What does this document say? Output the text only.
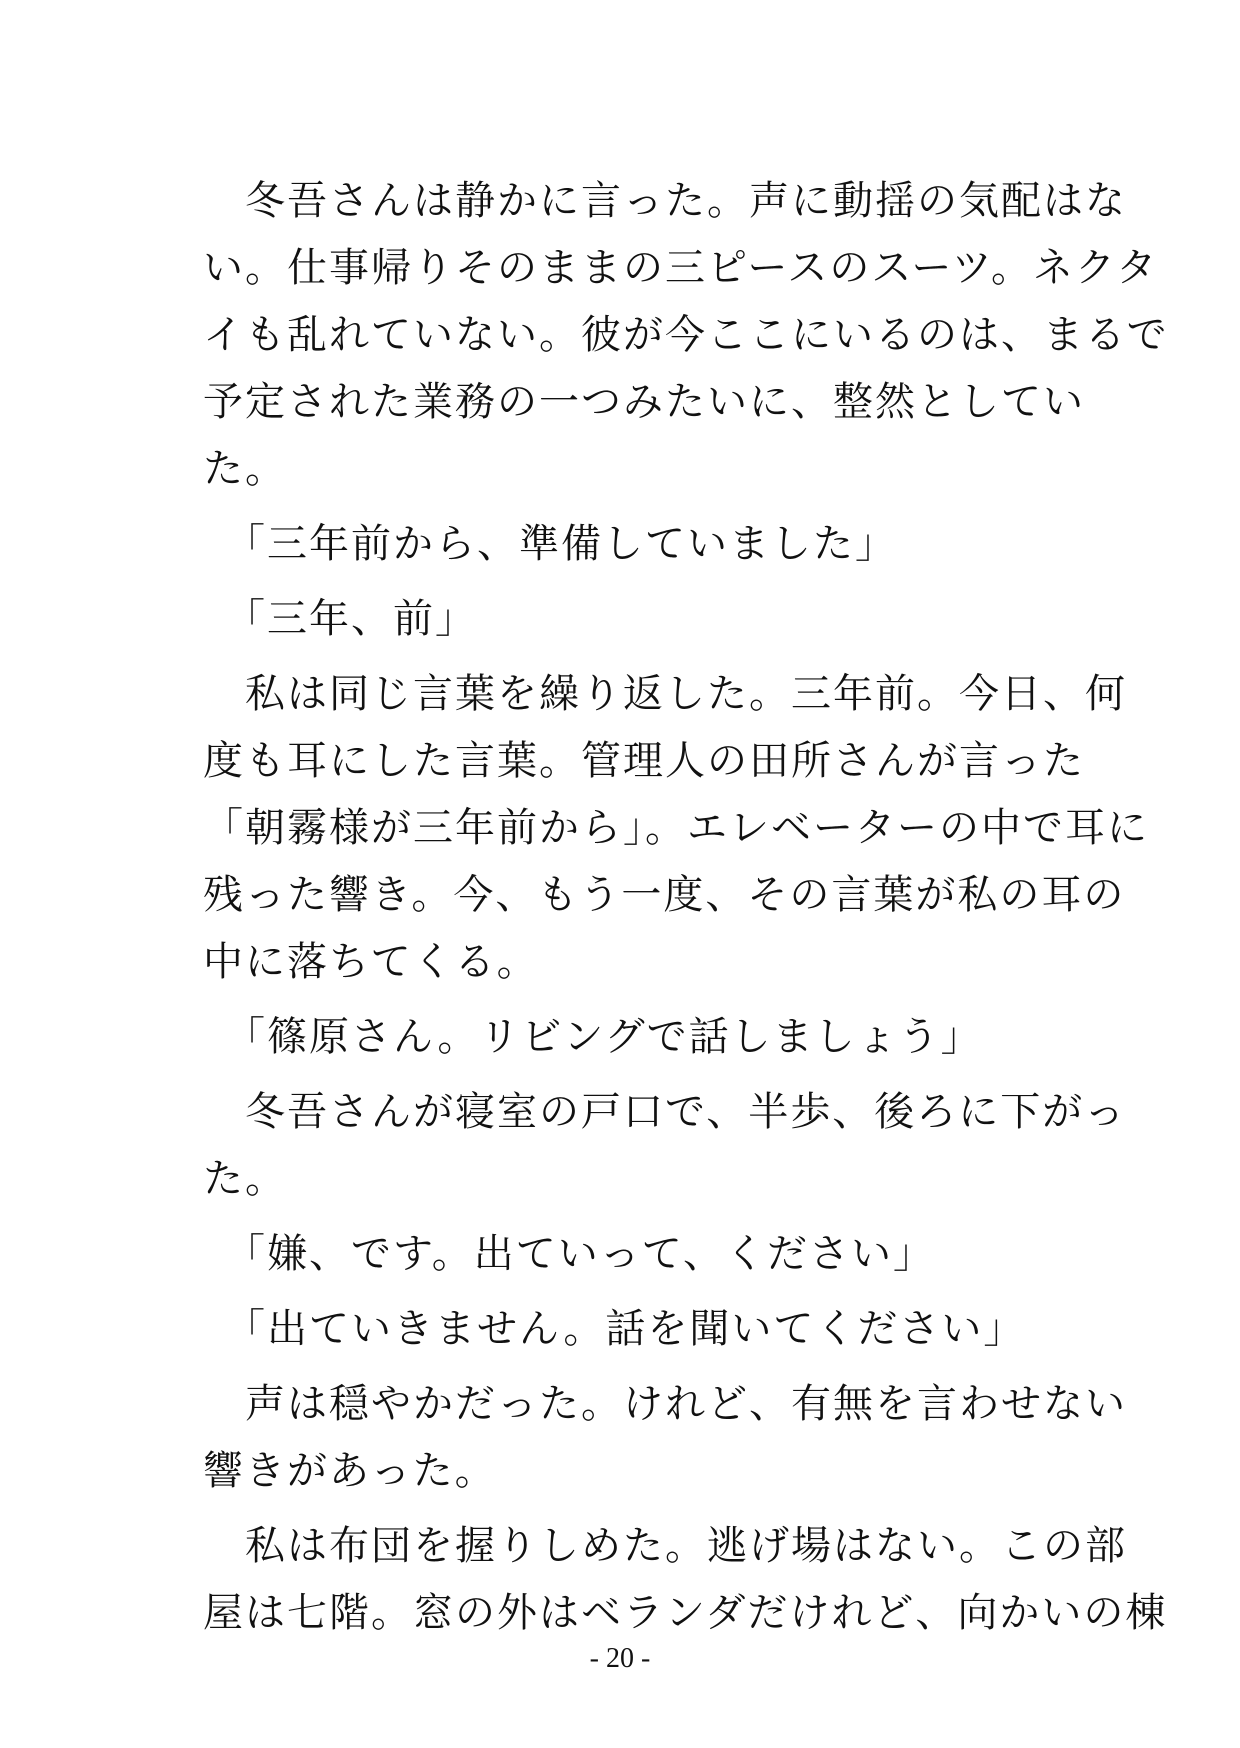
　冬吾さんは静かに言った。声に動揺の気配はな
い。仕事帰りそのままの三ピースのスーツ。ネクタ
イも乱れていない。彼が今ここにいるのは、まるで
予定された業務の一つみたいに、整然としてい
た。
　「三年前から、準備していました」
　「三年、前」
　私は同じ言葉を繰り返した。三年前。今日、何
度も耳にした言葉。管理人の田所さんが言った
「朝霧様が三年前から」。エレベーターの中で耳に
残った響き。今、もう一度、その言葉が私の耳の
中に落ちてくる。
　「篠原さん。リビングで話しましょう」
　冬吾さんが寝室の戸口で、半歩、後ろに下がっ
た。
　「嫌、です。出ていって、ください」
　「出ていきません。話を聞いてください」
　声は穏やかだった。けれど、有無を言わせない
響きがあった。
　私は布団を握りしめた。逃げ場はない。この部
屋は七階。窓の外はベランダだけれど、向かいの棟
- 20 -
